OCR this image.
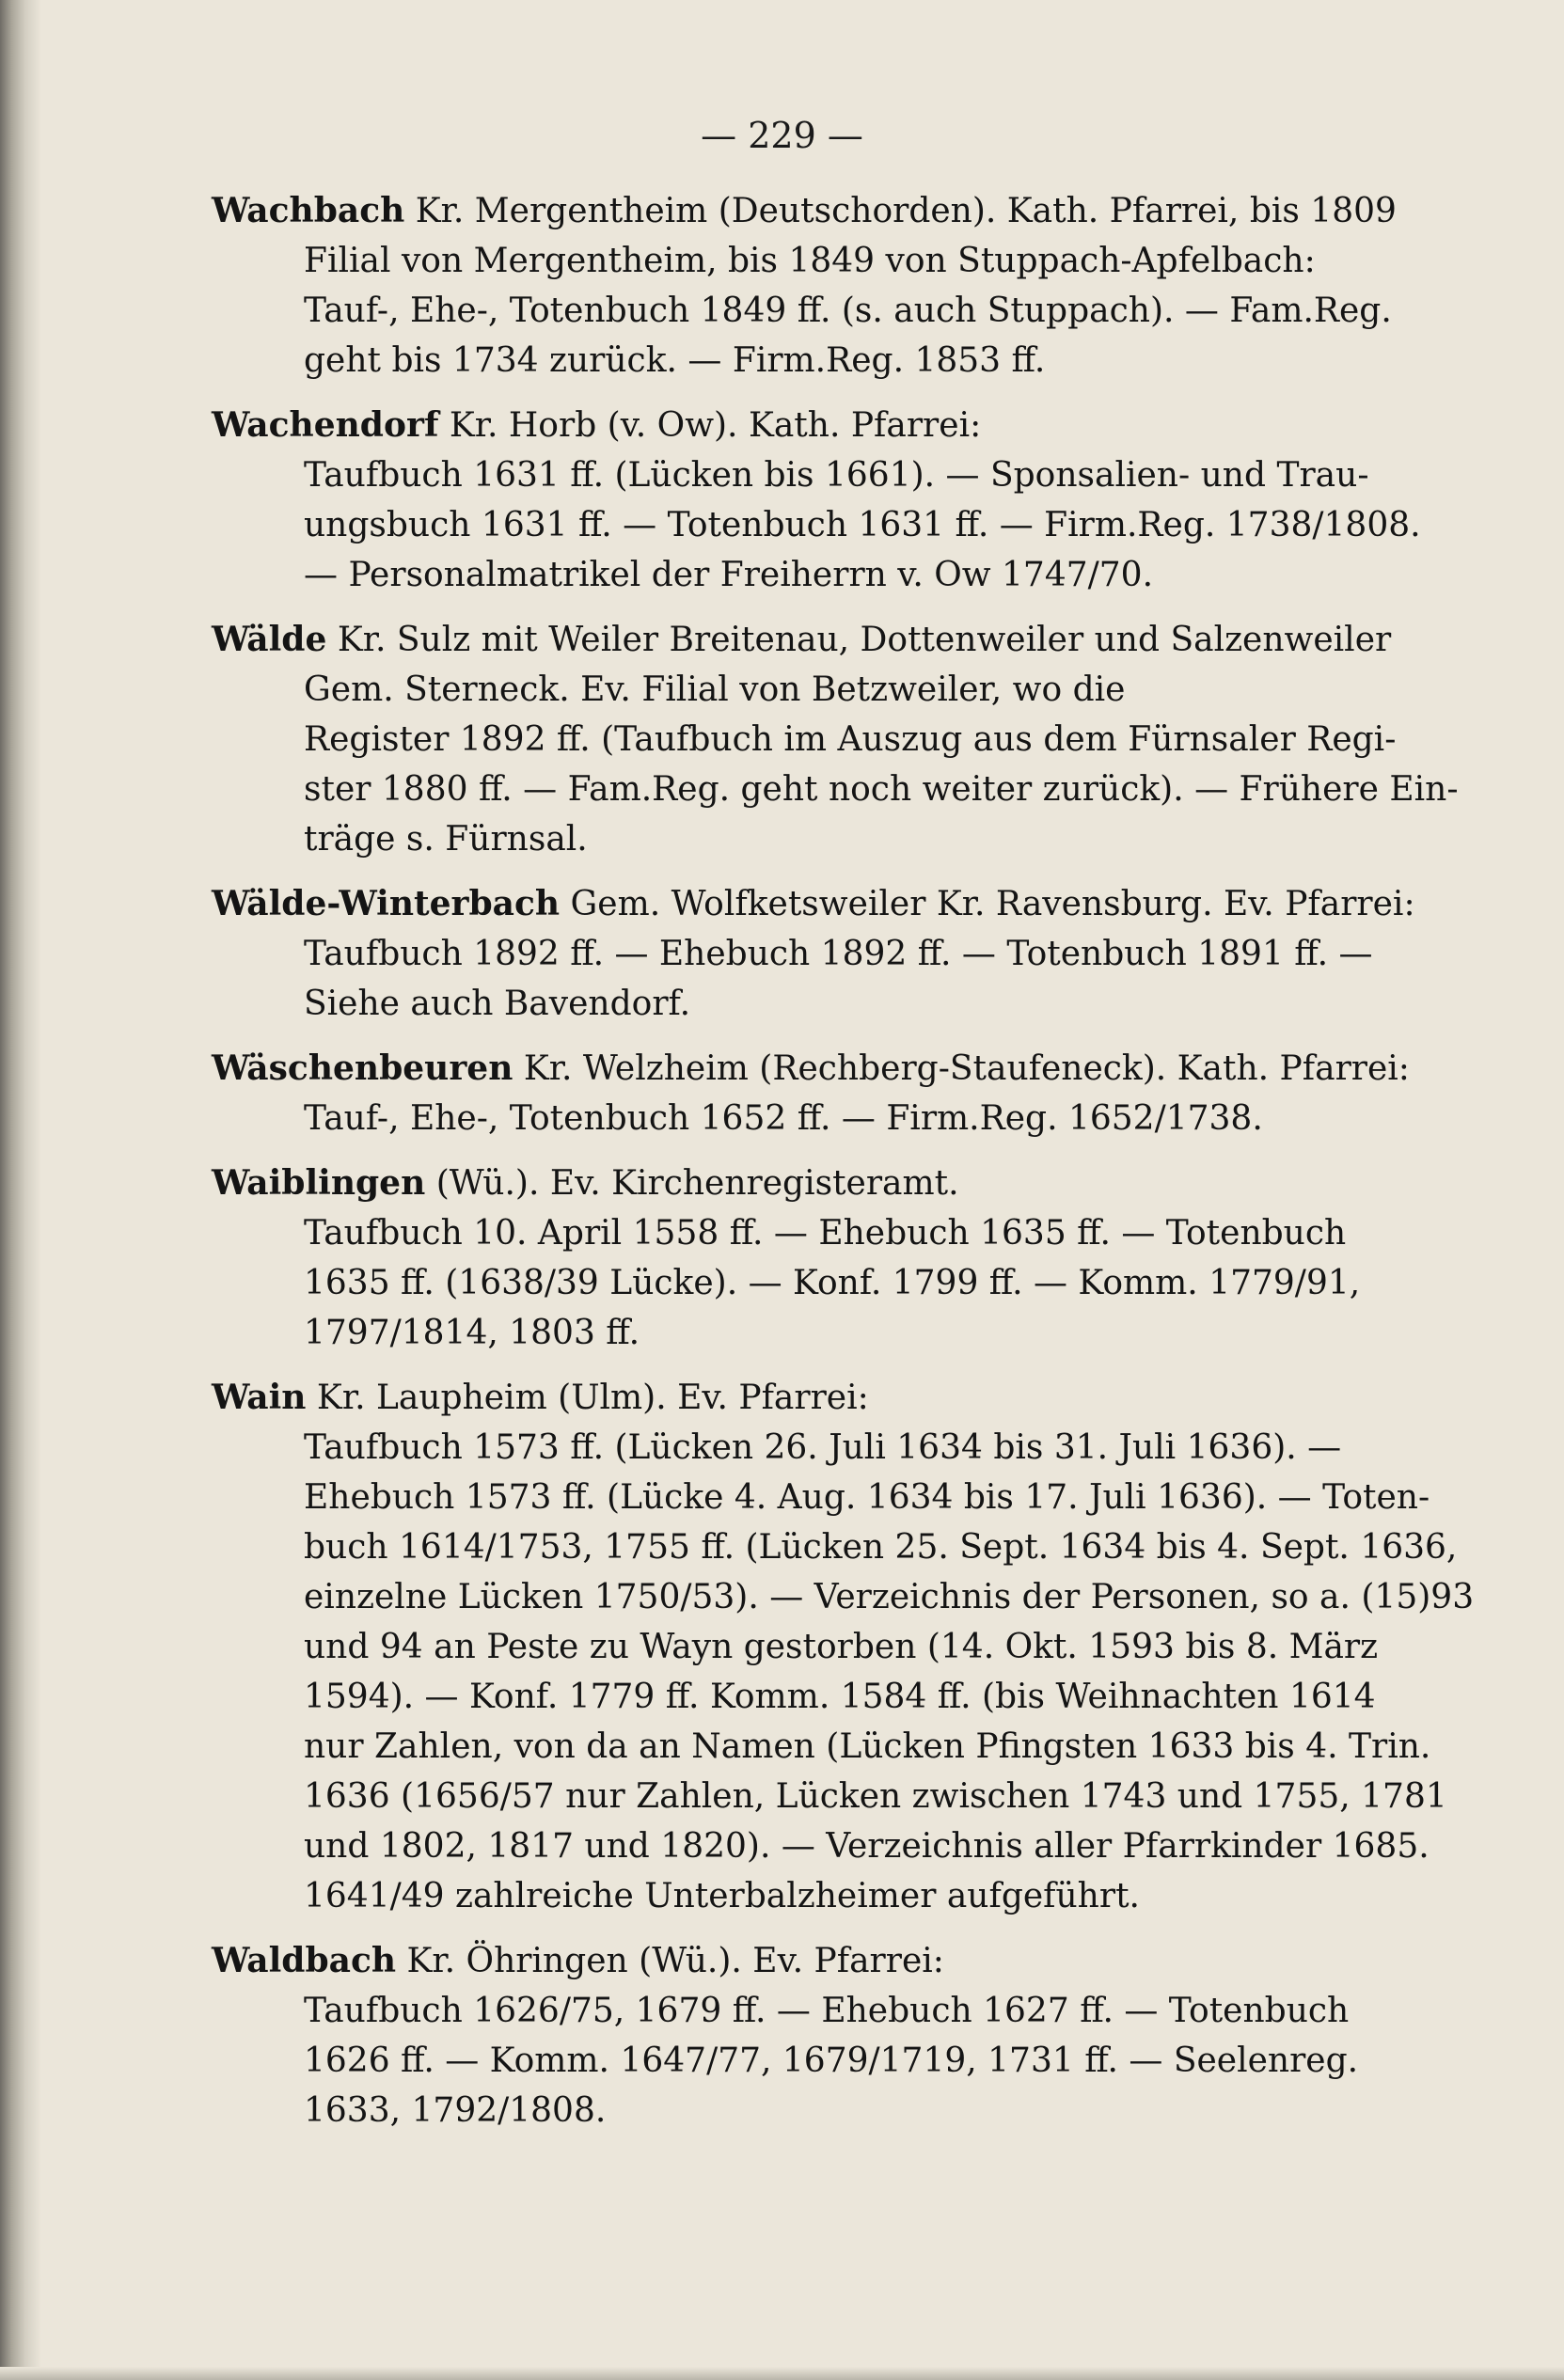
— 229 —

Wachbach Kr. Mergentheim (Deutschorden). Kath. Pfarrei, bis 1809

Filial von Mergentheim, bis 1849 von Stuppach-Apfelbach:
Tauf-, Ehe-, Totenbuch 1849 ff. (s. auch Stuppach). — Fam.Reg.
geht bis 1734 zurück. — Firm.Reg. 1853 ff.

Wachendorf Kr. Horb (v. Ow). Kath. Pfarrei:

Taufbuch 1631 ff. (Lücken bis 1661). — Sponsalien- und Trau-
ungsbuch 1631 ff. — Totenbuch 1631 ff. — Firm.Reg. 1738/1808.
— Personalmatrikel der Freiherrn v. Ow 1747/70.

Wälde Kr. Sulz mit Weiler Breitenau, Dottenweiler und Salzenweiler

Gem. Sterneck. Ev. Filial von Betzweiler, wo die
Register 1892 ff. (Taufbuch im Auszug aus dem Fürnsaler Regi-
ster 1880 ff. — Fam.Reg. geht noch weiter zurück). — Frühere Ein-
träge s. Fürnsal.

Wälde-Winterbach Gem. Wolfketsweiler Kr. Ravensburg. Ev. Pfarrei:

Taufbuch 1892 ff. — Ehebuch 1892 ff. — Totenbuch 1891 ff. —
Siehe auch Bavendorf.

Wäschenbeuren Kr. Welzheim (Rechberg-Staufeneck). Kath. Pfarrei:

Tauf-, Ehe-, Totenbuch 1652 ff. — Firm.Reg. 1652/1738.

Waiblingen (Wü.). Ev. Kirchenregisteramt.

Taufbuch 10. April 1558 ff. — Ehebuch 1635 ff. — Totenbuch
1635 ff. (1638/39 Lücke). — Konf. 1799 ff. — Komm. 1779/91,
1797/1814, 1803 ff.

Wain Kr. Laupheim (Ulm). Ev. Pfarrei:

Taufbuch 1573 ff. (Lücken 26. Juli 1634 bis 31. Juli 1636). —
Ehebuch 1573 ff. (Lücke 4. Aug. 1634 bis 17. Juli 1636). — Toten-
buch 1614/1753, 1755 ff. (Lücken 25. Sept. 1634 bis 4. Sept. 1636,
einzelne Lücken 1750/53). — Verzeichnis der Personen, so a. (15)93
und 94 an Peste zu Wayn gestorben (14. Okt. 1593 bis 8. März
1594). — Konf. 1779 ff. Komm. 1584 ff. (bis Weihnachten 1614
nur Zahlen, von da an Namen (Lücken Pfingsten 1633 bis 4. Trin.
1636 (1656/57 nur Zahlen, Lücken zwischen 1743 und 1755, 1781
und 1802, 1817 und 1820). — Verzeichnis aller Pfarrkinder 1685.
1641/49 zahlreiche Unterbalzheimer aufgeführt.

Waldbach Kr. Öhringen (Wü.). Ev. Pfarrei:

Taufbuch 1626/75, 1679 ff. — Ehebuch 1627 ff. — Totenbuch
1626 ff. — Komm. 1647/77, 1679/1719, 1731 ff. — Seelenreg.
1633, 1792/1808.
